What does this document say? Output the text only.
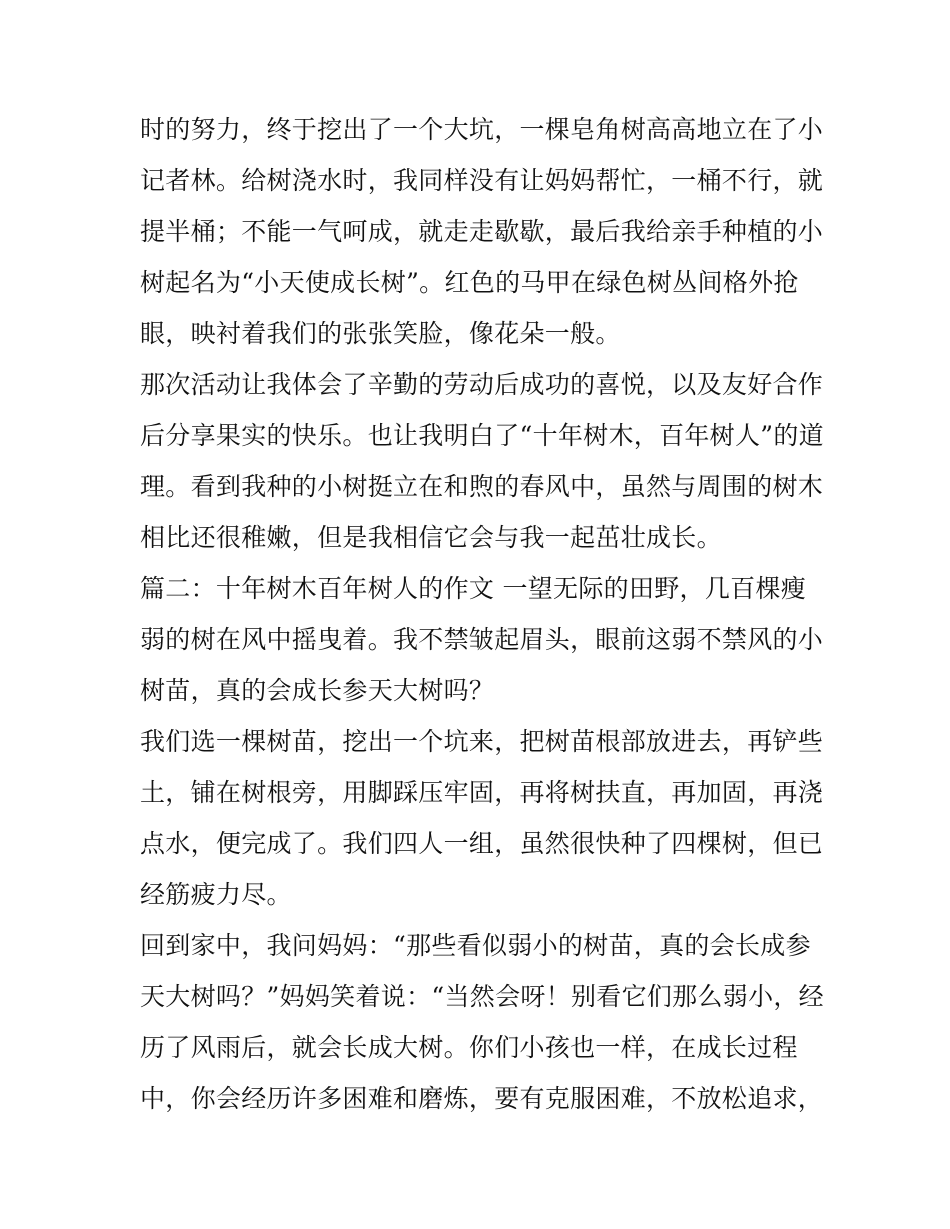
时的努力，终于挖出了一个大坑，一棵皂角树高高地立在了小
记者林。给树浇水时，我同样没有让妈妈帮忙，一桶不行，就
提半桶；不能一气呵成，就走走歇歇，最后我给亲手种植的小
树起名为“小天使成长树”。红色的马甲在绿色树丛间格外抢
眼，映衬着我们的张张笑脸，像花朵一般。
那次活动让我体会了辛勤的劳动后成功的喜悦，以及友好合作
后分享果实的快乐。也让我明白了“十年树木，百年树人”的道
理。看到我种的小树挺立在和煦的春风中，虽然与周围的树木
相比还很稚嫩，但是我相信它会与我一起茁壮成长。
篇二：十年树木百年树人的作文 一望无际的田野，几百棵瘦
弱的树在风中摇曳着。我不禁皱起眉头，眼前这弱不禁风的小
树苗，真的会成长参天大树吗？
我们选一棵树苗，挖出一个坑来，把树苗根部放进去，再铲些
土，铺在树根旁，用脚踩压牢固，再将树扶直，再加固，再浇
点水，便完成了。我们四人一组，虽然很快种了四棵树，但已
经筋疲力尽。
回到家中，我问妈妈：“那些看似弱小的树苗，真的会长成参
天大树吗？”妈妈笑着说：“当然会呀！别看它们那么弱小，经
历了风雨后，就会长成大树。你们小孩也一样，在成长过程
中，你会经历许多困难和磨炼，要有克服困难，不放松追求，
